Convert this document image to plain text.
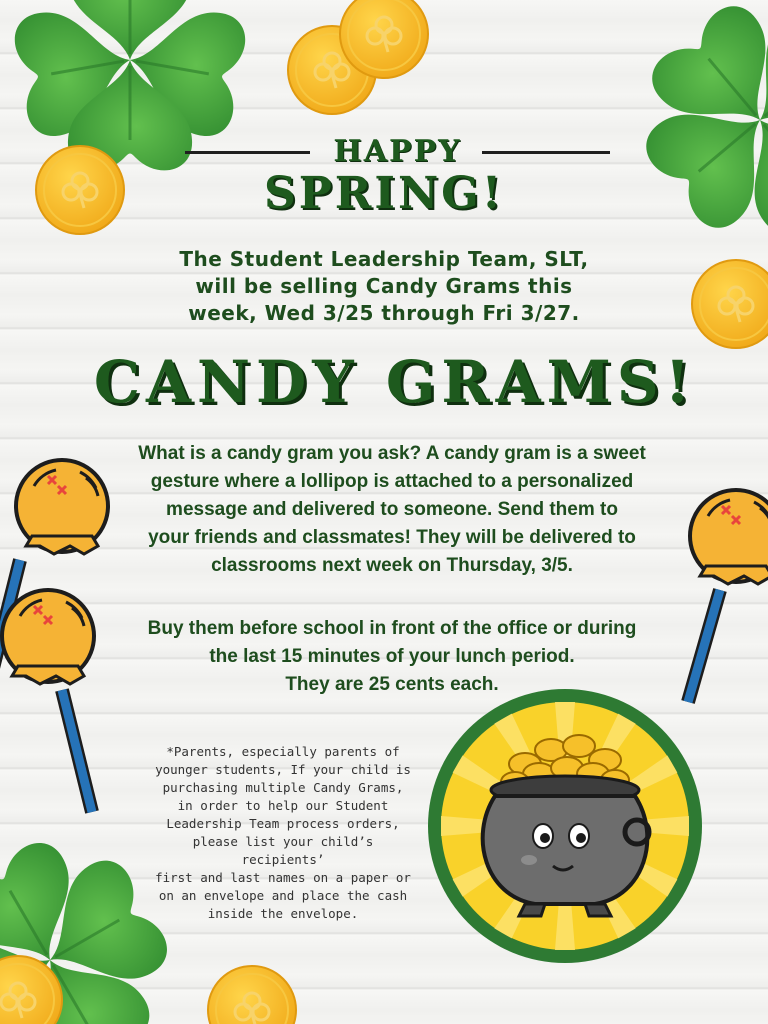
HAPPY
SPRING!
The Student Leadership Team, SLT,
will be selling Candy Grams this
week, Wed 3/25 through Fri 3/27.
CANDY GRAMS!
What is a candy gram you ask? A candy gram is a sweet
gesture where a lollipop is attached to a personalized
message and delivered to someone. Send them to
your friends and classmates! They will be delivered to
classrooms next week on Thursday, 3/5.
Buy them before school in front of the office or during
the last 15 minutes of your lunch period.
They are 25 cents each.
*Parents, especially parents of
younger students, If your child is
purchasing multiple Candy Grams,
in order to help our Student
Leadership Team process orders,
please list your child’s recipients’
first and last names on a paper or
on an envelope and place the cash
inside the envelope.
